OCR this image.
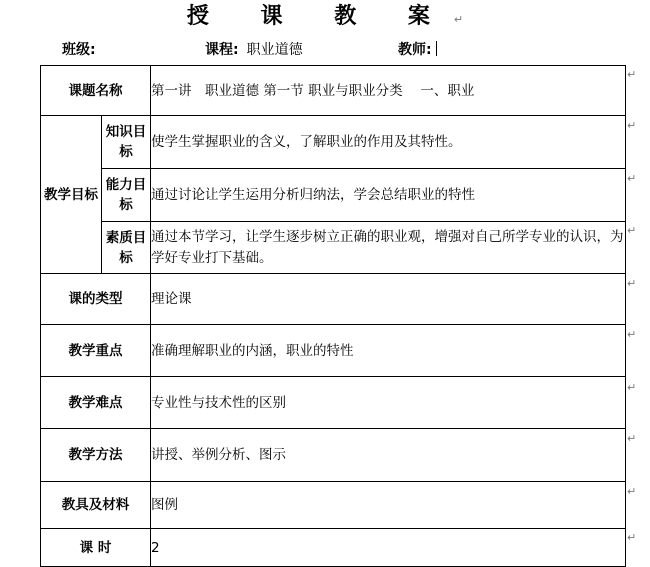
授 课 教 案 ↵
班级:	课程: 职业道德	教师:
课题名称		第一讲　职业道德 第一节 职业与职业分类　 一、职业
教学目标	知识目标	使学生掌握职业的含义，了解职业的作用及其特性。
	能力目标	通过讨论让学生运用分析归纳法，学会总结职业的特性
	素质目标	通过本节学习，让学生逐步树立正确的职业观，增强对自己所学专业的认识，为学好专业打下基础。
课的类型		理论课
教学重点		准确理解职业的内涵，职业的特性
教学难点		专业性与技术性的区别
教学方法		讲授、举例分析、图示
教具及材料		图例
课 时		2
↵
↵
↵
↵
↵
↵
↵
↵
↵
↵
